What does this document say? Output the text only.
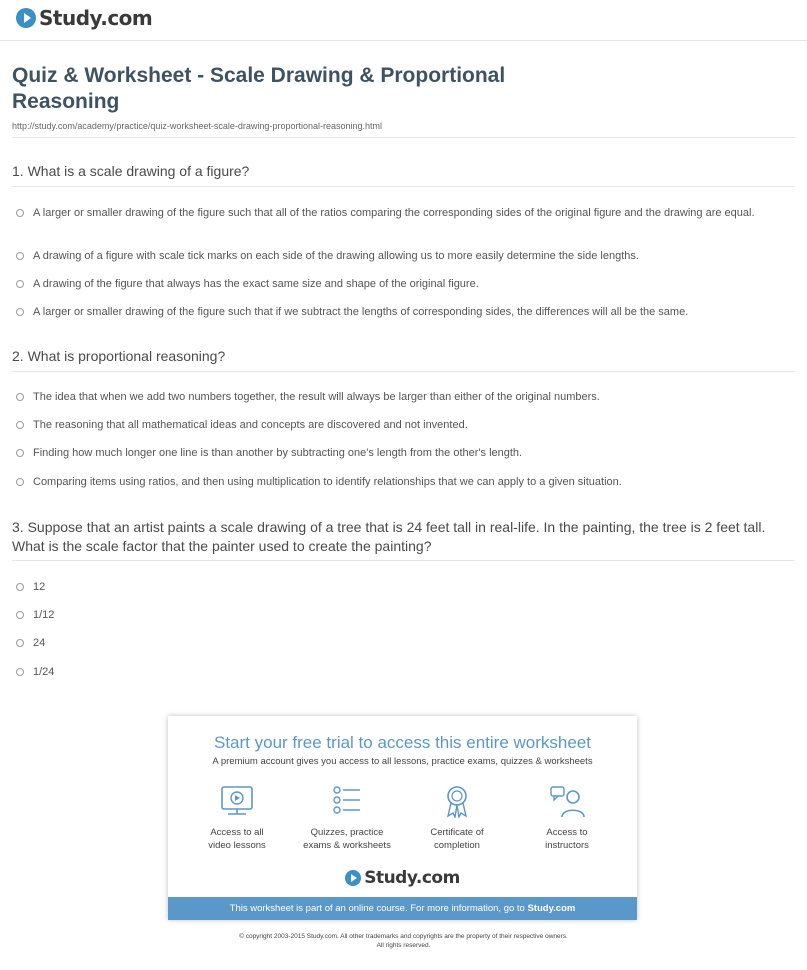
Study.com
Quiz & Worksheet - Scale Drawing & Proportional Reasoning
http://study.com/academy/practice/quiz-worksheet-scale-drawing-proportional-reasoning.html
1. What is a scale drawing of a figure?
A larger or smaller drawing of the figure such that all of the ratios comparing the corresponding sides of the original figure and the drawing are equal.
A drawing of a figure with scale tick marks on each side of the drawing allowing us to more easily determine the side lengths.
A drawing of the figure that always has the exact same size and shape of the original figure.
A larger or smaller drawing of the figure such that if we subtract the lengths of corresponding sides, the differences will all be the same.
2. What is proportional reasoning?
The idea that when we add two numbers together, the result will always be larger than either of the original numbers.
The reasoning that all mathematical ideas and concepts are discovered and not invented.
Finding how much longer one line is than another by subtracting one's length from the other's length.
Comparing items using ratios, and then using multiplication to identify relationships that we can apply to a given situation.
3. Suppose that an artist paints a scale drawing of a tree that is 24 feet tall in real-life. In the painting, the tree is 2 feet tall. What is the scale factor that the painter used to create the painting?
12
1/12
24
1/24
Start your free trial to access this entire worksheet
A premium account gives you access to all lessons, practice exams, quizzes & worksheets
Access to all
video lessons
Quizzes, practice
exams & worksheets
Certificate of
completion
Access to
instructors
Study.com
This worksheet is part of an online course. For more information, go to Study.com
© copyright 2003-2015 Study.com. All other trademarks and copyrights are the property of their respective owners.
All rights reserved.
